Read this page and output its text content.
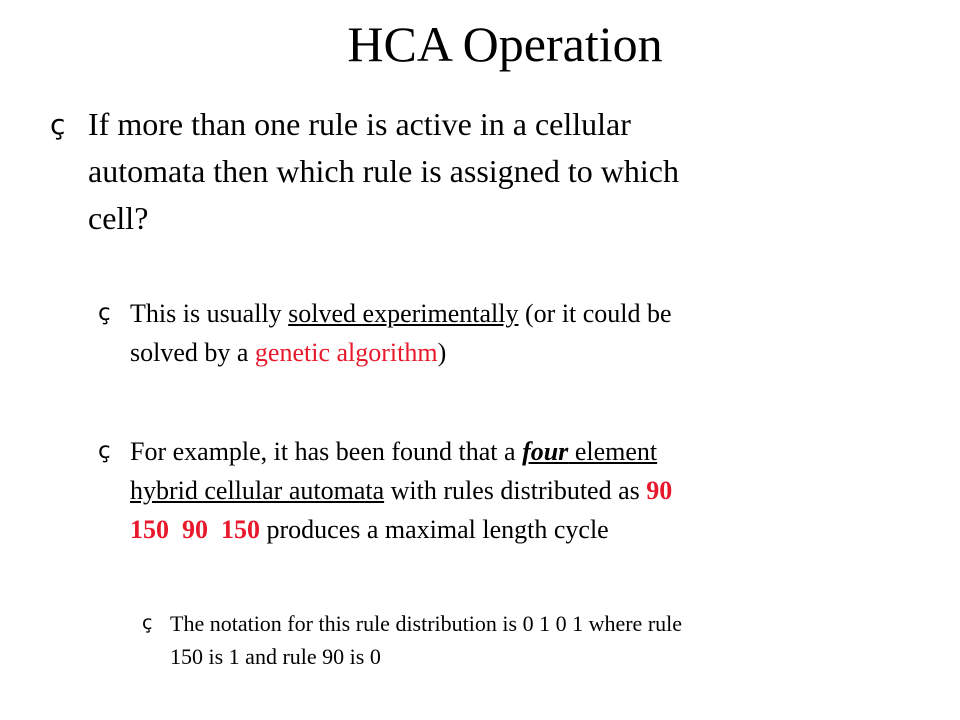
HCA Operation
ç If more than one rule is active in a cellular
automata then which rule is assigned to which
cell?
ç This is usually solved experimentally (or it could be
solved by a genetic algorithm)
ç For example, it has been found that a four element
hybrid cellular automata with rules distributed as 90
150  90  150 produces a maximal length cycle
ç The notation for this rule distribution is 0 1 0 1 where rule
150 is 1 and rule 90 is 0
